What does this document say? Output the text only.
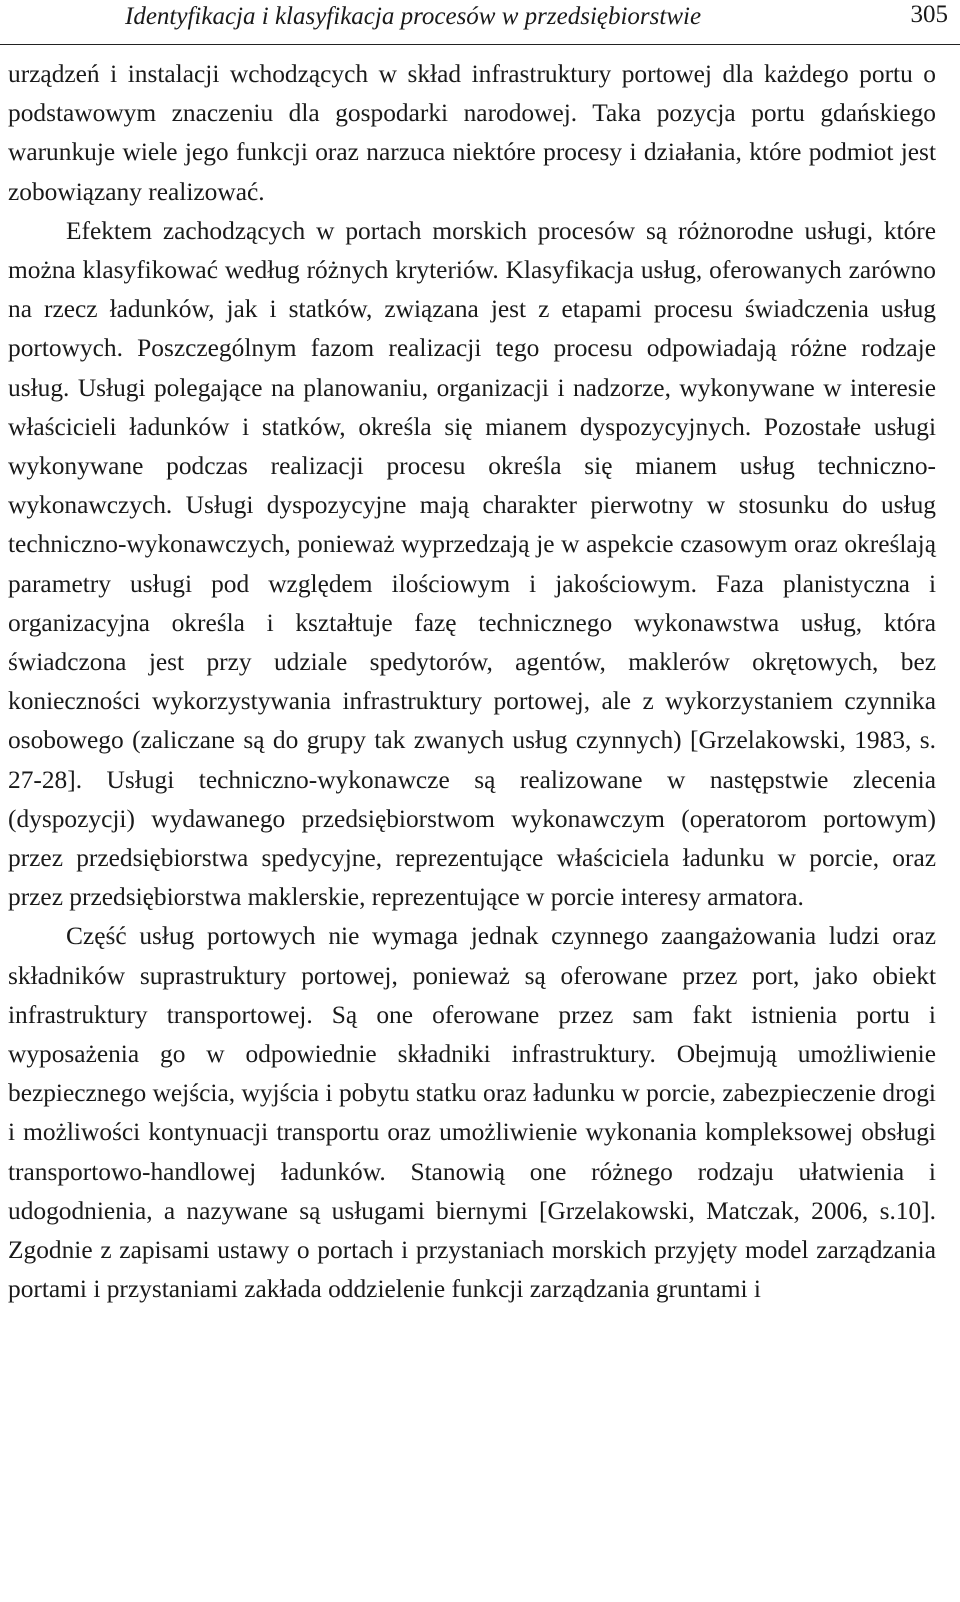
Identyfikacja i klasyfikacja procesów w przedsiębiorstwie	305

urządzeń i instalacji wchodzących w skład infrastruktury portowej dla każdego portu o podstawowym znaczeniu dla gospodarki narodowej. Taka pozycja portu gdańskiego warunkuje wiele jego funkcji oraz narzuca niektóre procesy i działania, które podmiot jest zobowiązany realizować.

Efektem zachodzących w portach morskich procesów są różnorodne usługi, które można klasyfikować według różnych kryteriów. Klasyfikacja usług, oferowanych zarówno na rzecz ładunków, jak i statków, związana jest z etapami procesu świadczenia usług portowych. Poszczególnym fazom realizacji tego procesu odpowiadają różne rodzaje usług. Usługi polegające na planowaniu, organizacji i nadzorze, wykonywane w interesie właścicieli ładunków i statków, określa się mianem dyspozycyjnych. Pozostałe usługi wykonywane podczas realizacji procesu określa się mianem usług techniczno-wykonawczych. Usługi dyspozycyjne mają charakter pierwotny w stosunku do usług techniczno-wykonawczych, ponieważ wyprzedzają je w aspekcie czasowym oraz określają parametry usługi pod względem ilościowym i jakościowym. Faza planistyczna i organizacyjna określa i kształtuje fazę technicznego wykonawstwa usług, która świadczona jest przy udziale spedytorów, agentów, maklerów okrętowych, bez konieczności wykorzystywania infrastruktury portowej, ale z wykorzystaniem czynnika osobowego (zaliczane są do grupy tak zwanych usług czynnych) [Grzelakowski, 1983, s. 27-28]. Usługi techniczno-wykonawcze są realizowane w następstwie zlecenia (dyspozycji) wydawanego przedsiębiorstwom wykonawczym (operatorom portowym) przez przedsiębiorstwa spedycyjne, reprezentujące właściciela ładunku w porcie, oraz przez przedsiębiorstwa maklerskie, reprezentujące w porcie interesy armatora.

Część usług portowych nie wymaga jednak czynnego zaangażowania ludzi oraz składników suprastruktury portowej, ponieważ są oferowane przez port, jako obiekt infrastruktury transportowej. Są one oferowane przez sam fakt istnienia portu i wyposażenia go w odpowiednie składniki infrastruktury. Obejmują umożliwienie bezpiecznego wejścia, wyjścia i pobytu statku oraz ładunku w porcie, zabezpieczenie drogi i możliwości kontynuacji transportu oraz umożliwienie wykonania kompleksowej obsługi transportowo-handlowej ładunków. Stanowią one różnego rodzaju ułatwienia i udogodnienia, a nazywane są usługami biernymi [Grzelakowski, Matczak, 2006, s.10]. Zgodnie z zapisami ustawy o portach i przystaniach morskich przyjęty model zarządzania portami i przystaniami zakłada oddzielenie funkcji zarządzania gruntami i
